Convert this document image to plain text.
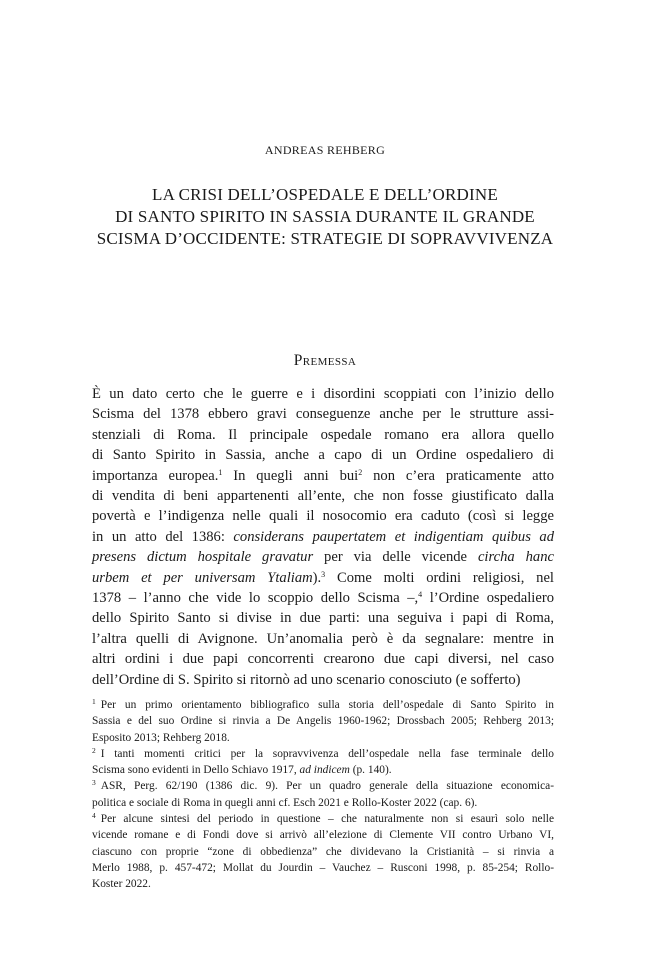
ANDREAS REHBERG
LA CRISI DELL’OSPEDALE E DELL’ORDINE
DI SANTO SPIRITO IN SASSIA DURANTE IL GRANDE
SCISMA D’OCCIDENTE: STRATEGIE DI SOPRAVVIVENZA
Premessa
È un dato certo che le guerre e i disordini scoppiati con l’inizio dello
Scisma del 1378 ebbero gravi conseguenze anche per le strutture assi-
stenziali di Roma. Il principale ospedale romano era allora quello
di Santo Spirito in Sassia, anche a capo di un Ordine ospedaliero di
importanza europea.$^1$ In quegli anni bui$^2$ non c’era praticamente atto
di vendita di beni appartenenti all’ente, che non fosse giustificato dalla
povertà e l’indigenza nelle quali il nosocomio era caduto (così si legge
in un atto del 1386: considerans paupertatem et indigentiam quibus ad
presens dictum hospitale gravatur per via delle vicende circha hanc
urbem et per universam Ytaliam).$^3$ Come molti ordini religiosi, nel
1378 – l’anno che vide lo scoppio dello Scisma –,$^4$ l’Ordine ospedaliero
dello Spirito Santo si divise in due parti: una seguiva i papi di Roma,
l’altra quelli di Avignone. Un’anomalia però è da segnalare: mentre in
altri ordini i due papi concorrenti crearono due capi diversi, nel caso
dell’Ordine di S. Spirito si ritornò ad uno scenario conosciuto (e sofferto)
$^1$ Per un primo orientamento bibliografico sulla storia dell’ospedale di Santo Spirito in
Sassia e del suo Ordine si rinvia a De Angelis 1960-1962; Drossbach 2005; Rehberg 2013;
Esposito 2013; Rehberg 2018.
$^2$ I tanti momenti critici per la sopravvivenza dell’ospedale nella fase terminale dello
Scisma sono evidenti in Dello Schiavo 1917, ad indicem (p. 140).
$^3$ ASR, Perg. 62/190 (1386 dic. 9). Per un quadro generale della situazione economica-
politica e sociale di Roma in quegli anni cf. Esch 2021 e Rollo-Koster 2022 (cap. 6).
$^4$ Per alcune sintesi del periodo in questione – che naturalmente non si esaurì solo nelle
vicende romane e di Fondi dove si arrivò all’elezione di Clemente VII contro Urbano VI,
ciascuno con proprie “zone di obbedienza” che dividevano la Cristianità – si rinvia a
Merlo 1988, p. 457-472; Mollat du Jourdin – Vauchez – Rusconi 1998, p. 85-254; Rollo-
Koster 2022.
